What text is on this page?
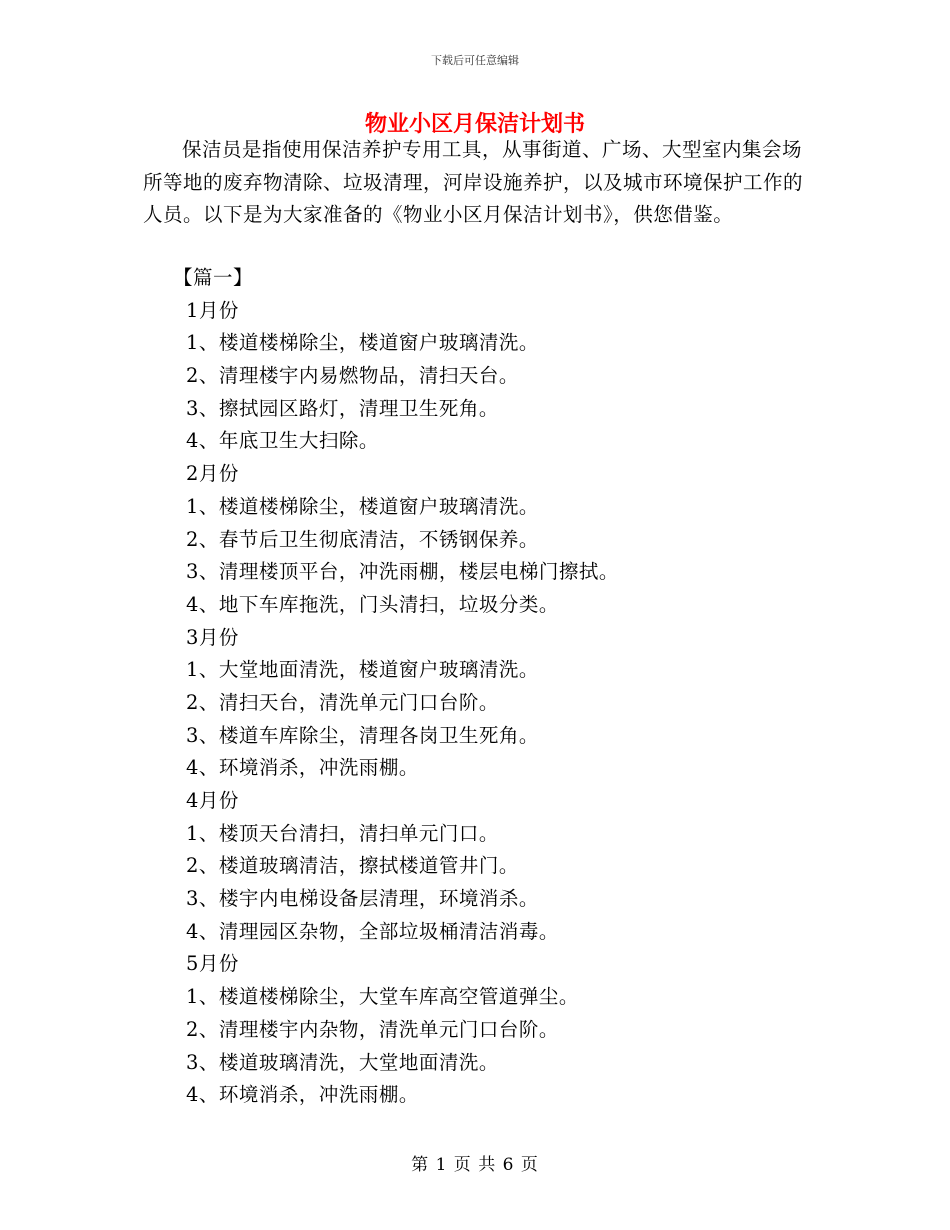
下载后可任意编辑
物业小区月保洁计划书

保洁员是指使用保洁养护专用工具，从事街道、广场、大型室内集会场所等地的废弃物清除、垃圾清理，河岸设施养护，以及城市环境保护工作的人员。以下是为大家准备的《物业小区月保洁计划书》，供您借鉴。

【篇一】
1月份
1、楼道楼梯除尘，楼道窗户玻璃清洗。
2、清理楼宇内易燃物品，清扫天台。
3、擦拭园区路灯，清理卫生死角。
4、年底卫生大扫除。
2月份
1、楼道楼梯除尘，楼道窗户玻璃清洗。
2、春节后卫生彻底清洁，不锈钢保养。
3、清理楼顶平台，冲洗雨棚，楼层电梯门擦拭。
4、地下车库拖洗，门头清扫，垃圾分类。
3月份
1、大堂地面清洗，楼道窗户玻璃清洗。
2、清扫天台，清洗单元门口台阶。
3、楼道车库除尘，清理各岗卫生死角。
4、环境消杀，冲洗雨棚。
4月份
1、楼顶天台清扫，清扫单元门口。
2、楼道玻璃清洁，擦拭楼道管井门。
3、楼宇内电梯设备层清理，环境消杀。
4、清理园区杂物，全部垃圾桶清洁消毒。
5月份
1、楼道楼梯除尘，大堂车库高空管道弹尘。
2、清理楼宇内杂物，清洗单元门口台阶。
3、楼道玻璃清洗，大堂地面清洗。
4、环境消杀，冲洗雨棚。
第 1 页 共 6 页
